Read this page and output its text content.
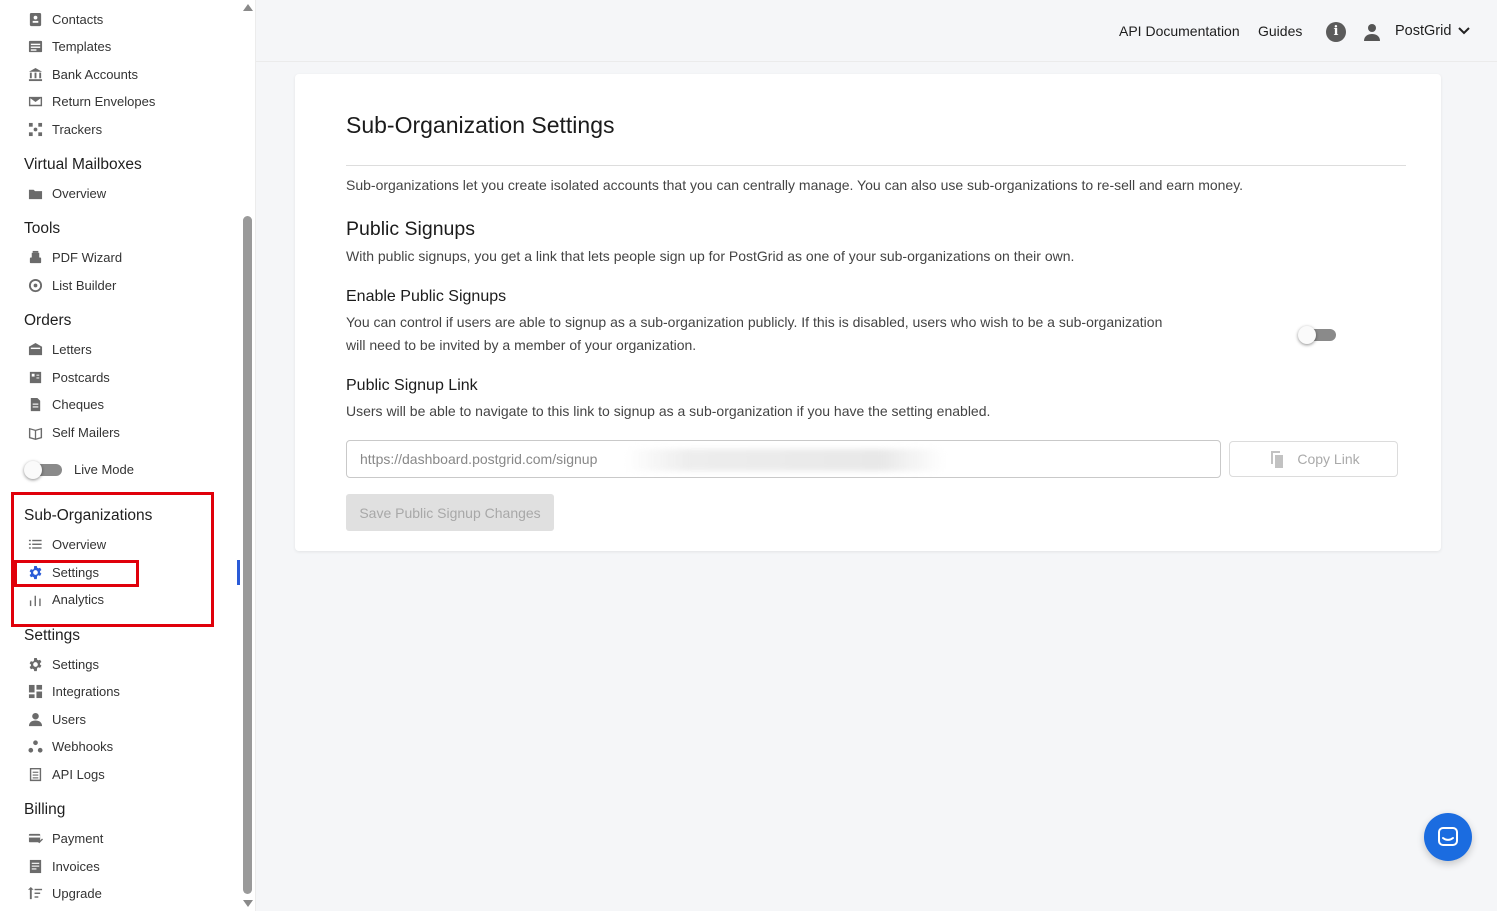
Contacts
Templates
Bank Accounts
Return Envelopes
Trackers
Virtual Mailboxes
Overview
Tools
PDF Wizard
List Builder
Orders
Letters
Postcards
Cheques
Self Mailers
Live Mode
Sub-Organizations
Overview
Settings
Analytics
Settings
Settings
Integrations
Users
Webhooks
API Logs
Billing
Payment
Invoices
Upgrade
API Documentation Guides	i	PostGrid
Sub-Organization Settings
Sub-organizations let you create isolated accounts that you can centrally manage. You can also use sub-organizations to re-sell and earn money.
Public Signups
With public signups, you get a link that lets people sign up for PostGrid as one of your sub-organizations on their own.
Enable Public Signups
You can control if users are able to signup as a sub-organization publicly. If this is disabled, users who wish to be a sub-organization
will need to be invited by a member of your organization.
Public Signup Link
Users will be able to navigate to this link to signup as a sub-organization if you have the setting enabled.
https://dashboard.postgrid.com/signup	Copy Link
Save Public Signup Changes
